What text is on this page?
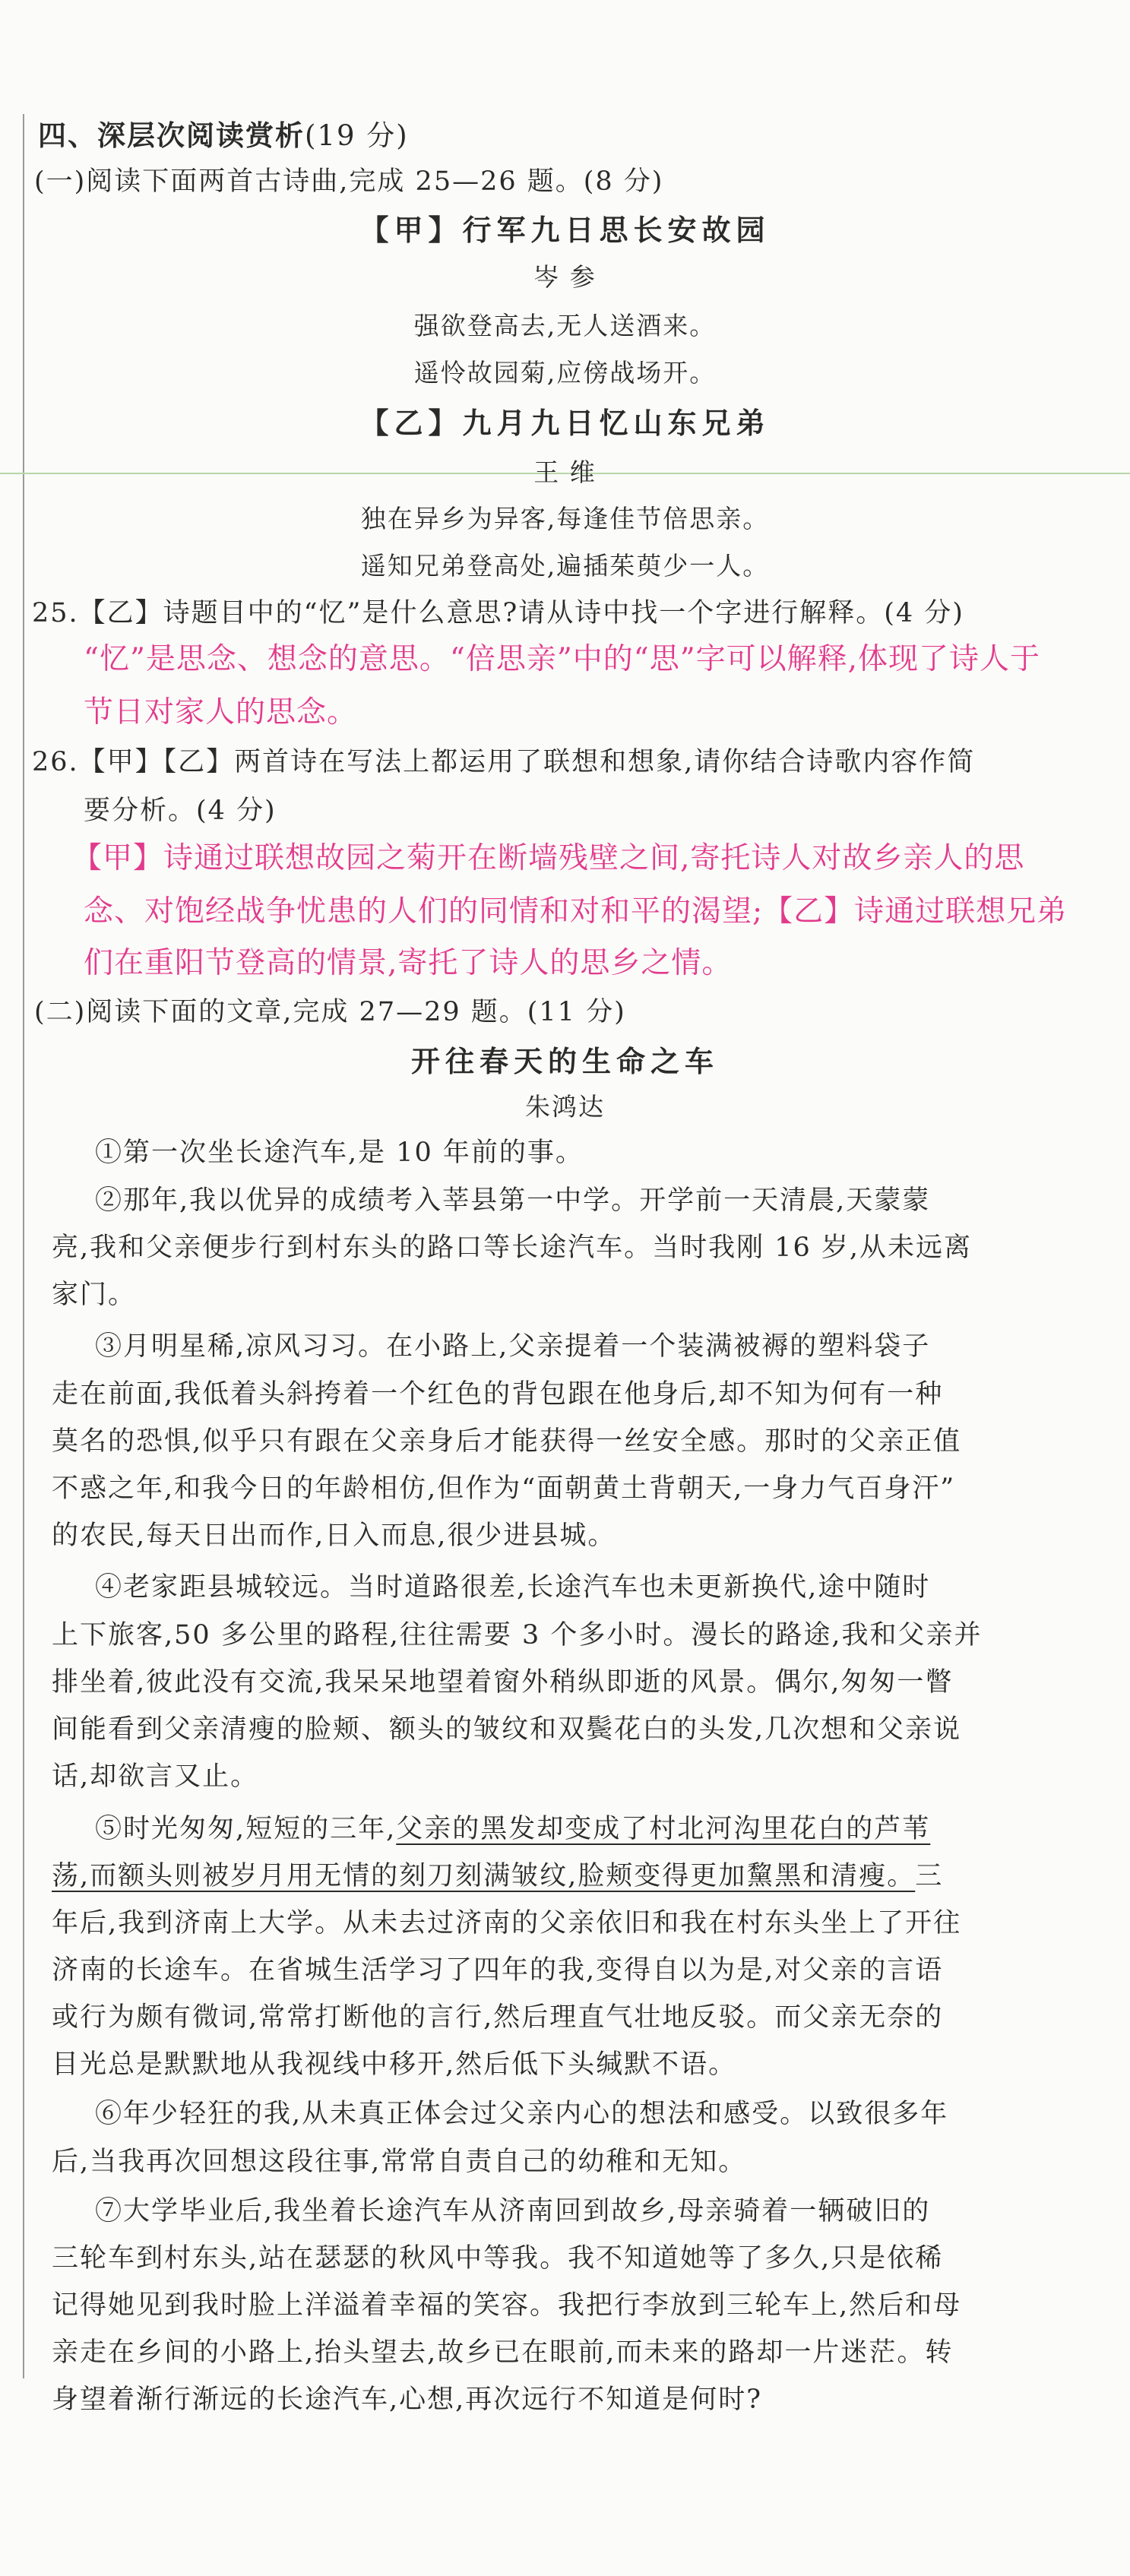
四、深层次阅读赏析(19 分)
(一)阅读下面两首古诗曲,完成 25—26 题。(8 分)
【甲】行军九日思长安故园
岑 参
强欲登高去,无人送酒来。
遥怜故园菊,应傍战场开。
【乙】九月九日忆山东兄弟
王 维
独在异乡为异客,每逢佳节倍思亲。
遥知兄弟登高处,遍插茱萸少一人。
25.【乙】诗题目中的“忆”是什么意思?请从诗中找一个字进行解释。(4 分)
“忆”是思念、想念的意思。“倍思亲”中的“思”字可以解释,体现了诗人于
节日对家人的思念。
26.【甲】【乙】两首诗在写法上都运用了联想和想象,请你结合诗歌内容作简
要分析。(4 分)
【甲】诗通过联想故园之菊开在断墙残壁之间,寄托诗人对故乡亲人的思
念、对饱经战争忧患的人们的同情和对和平的渴望;【乙】诗通过联想兄弟
们在重阳节登高的情景,寄托了诗人的思乡之情。
(二)阅读下面的文章,完成 27—29 题。(11 分)
开往春天的生命之车
朱鸿达
①第一次坐长途汽车,是 10 年前的事。
②那年,我以优异的成绩考入莘县第一中学。开学前一天清晨,天蒙蒙
亮,我和父亲便步行到村东头的路口等长途汽车。当时我刚 16 岁,从未远离
家门。
③月明星稀,凉风习习。在小路上,父亲提着一个装满被褥的塑料袋子
走在前面,我低着头斜挎着一个红色的背包跟在他身后,却不知为何有一种
莫名的恐惧,似乎只有跟在父亲身后才能获得一丝安全感。那时的父亲正值
不惑之年,和我今日的年龄相仿,但作为“面朝黄土背朝天,一身力气百身汗”
的农民,每天日出而作,日入而息,很少进县城。
④老家距县城较远。当时道路很差,长途汽车也未更新换代,途中随时
上下旅客,50 多公里的路程,往往需要 3 个多小时。漫长的路途,我和父亲并
排坐着,彼此没有交流,我呆呆地望着窗外稍纵即逝的风景。偶尔,匆匆一瞥
间能看到父亲清瘦的脸颊、额头的皱纹和双鬓花白的头发,几次想和父亲说
话,却欲言又止。
⑤时光匆匆,短短的三年,父亲的黑发却变成了村北河沟里花白的芦苇
荡,而额头则被岁月用无情的刻刀刻满皱纹,脸颊变得更加黧黑和清瘦。三
年后,我到济南上大学。从未去过济南的父亲依旧和我在村东头坐上了开往
济南的长途车。在省城生活学习了四年的我,变得自以为是,对父亲的言语
或行为颇有微词,常常打断他的言行,然后理直气壮地反驳。而父亲无奈的
目光总是默默地从我视线中移开,然后低下头缄默不语。
⑥年少轻狂的我,从未真正体会过父亲内心的想法和感受。以致很多年
后,当我再次回想这段往事,常常自责自己的幼稚和无知。
⑦大学毕业后,我坐着长途汽车从济南回到故乡,母亲骑着一辆破旧的
三轮车到村东头,站在瑟瑟的秋风中等我。我不知道她等了多久,只是依稀
记得她见到我时脸上洋溢着幸福的笑容。我把行李放到三轮车上,然后和母
亲走在乡间的小路上,抬头望去,故乡已在眼前,而未来的路却一片迷茫。转
身望着渐行渐远的长途汽车,心想,再次远行不知道是何时?
